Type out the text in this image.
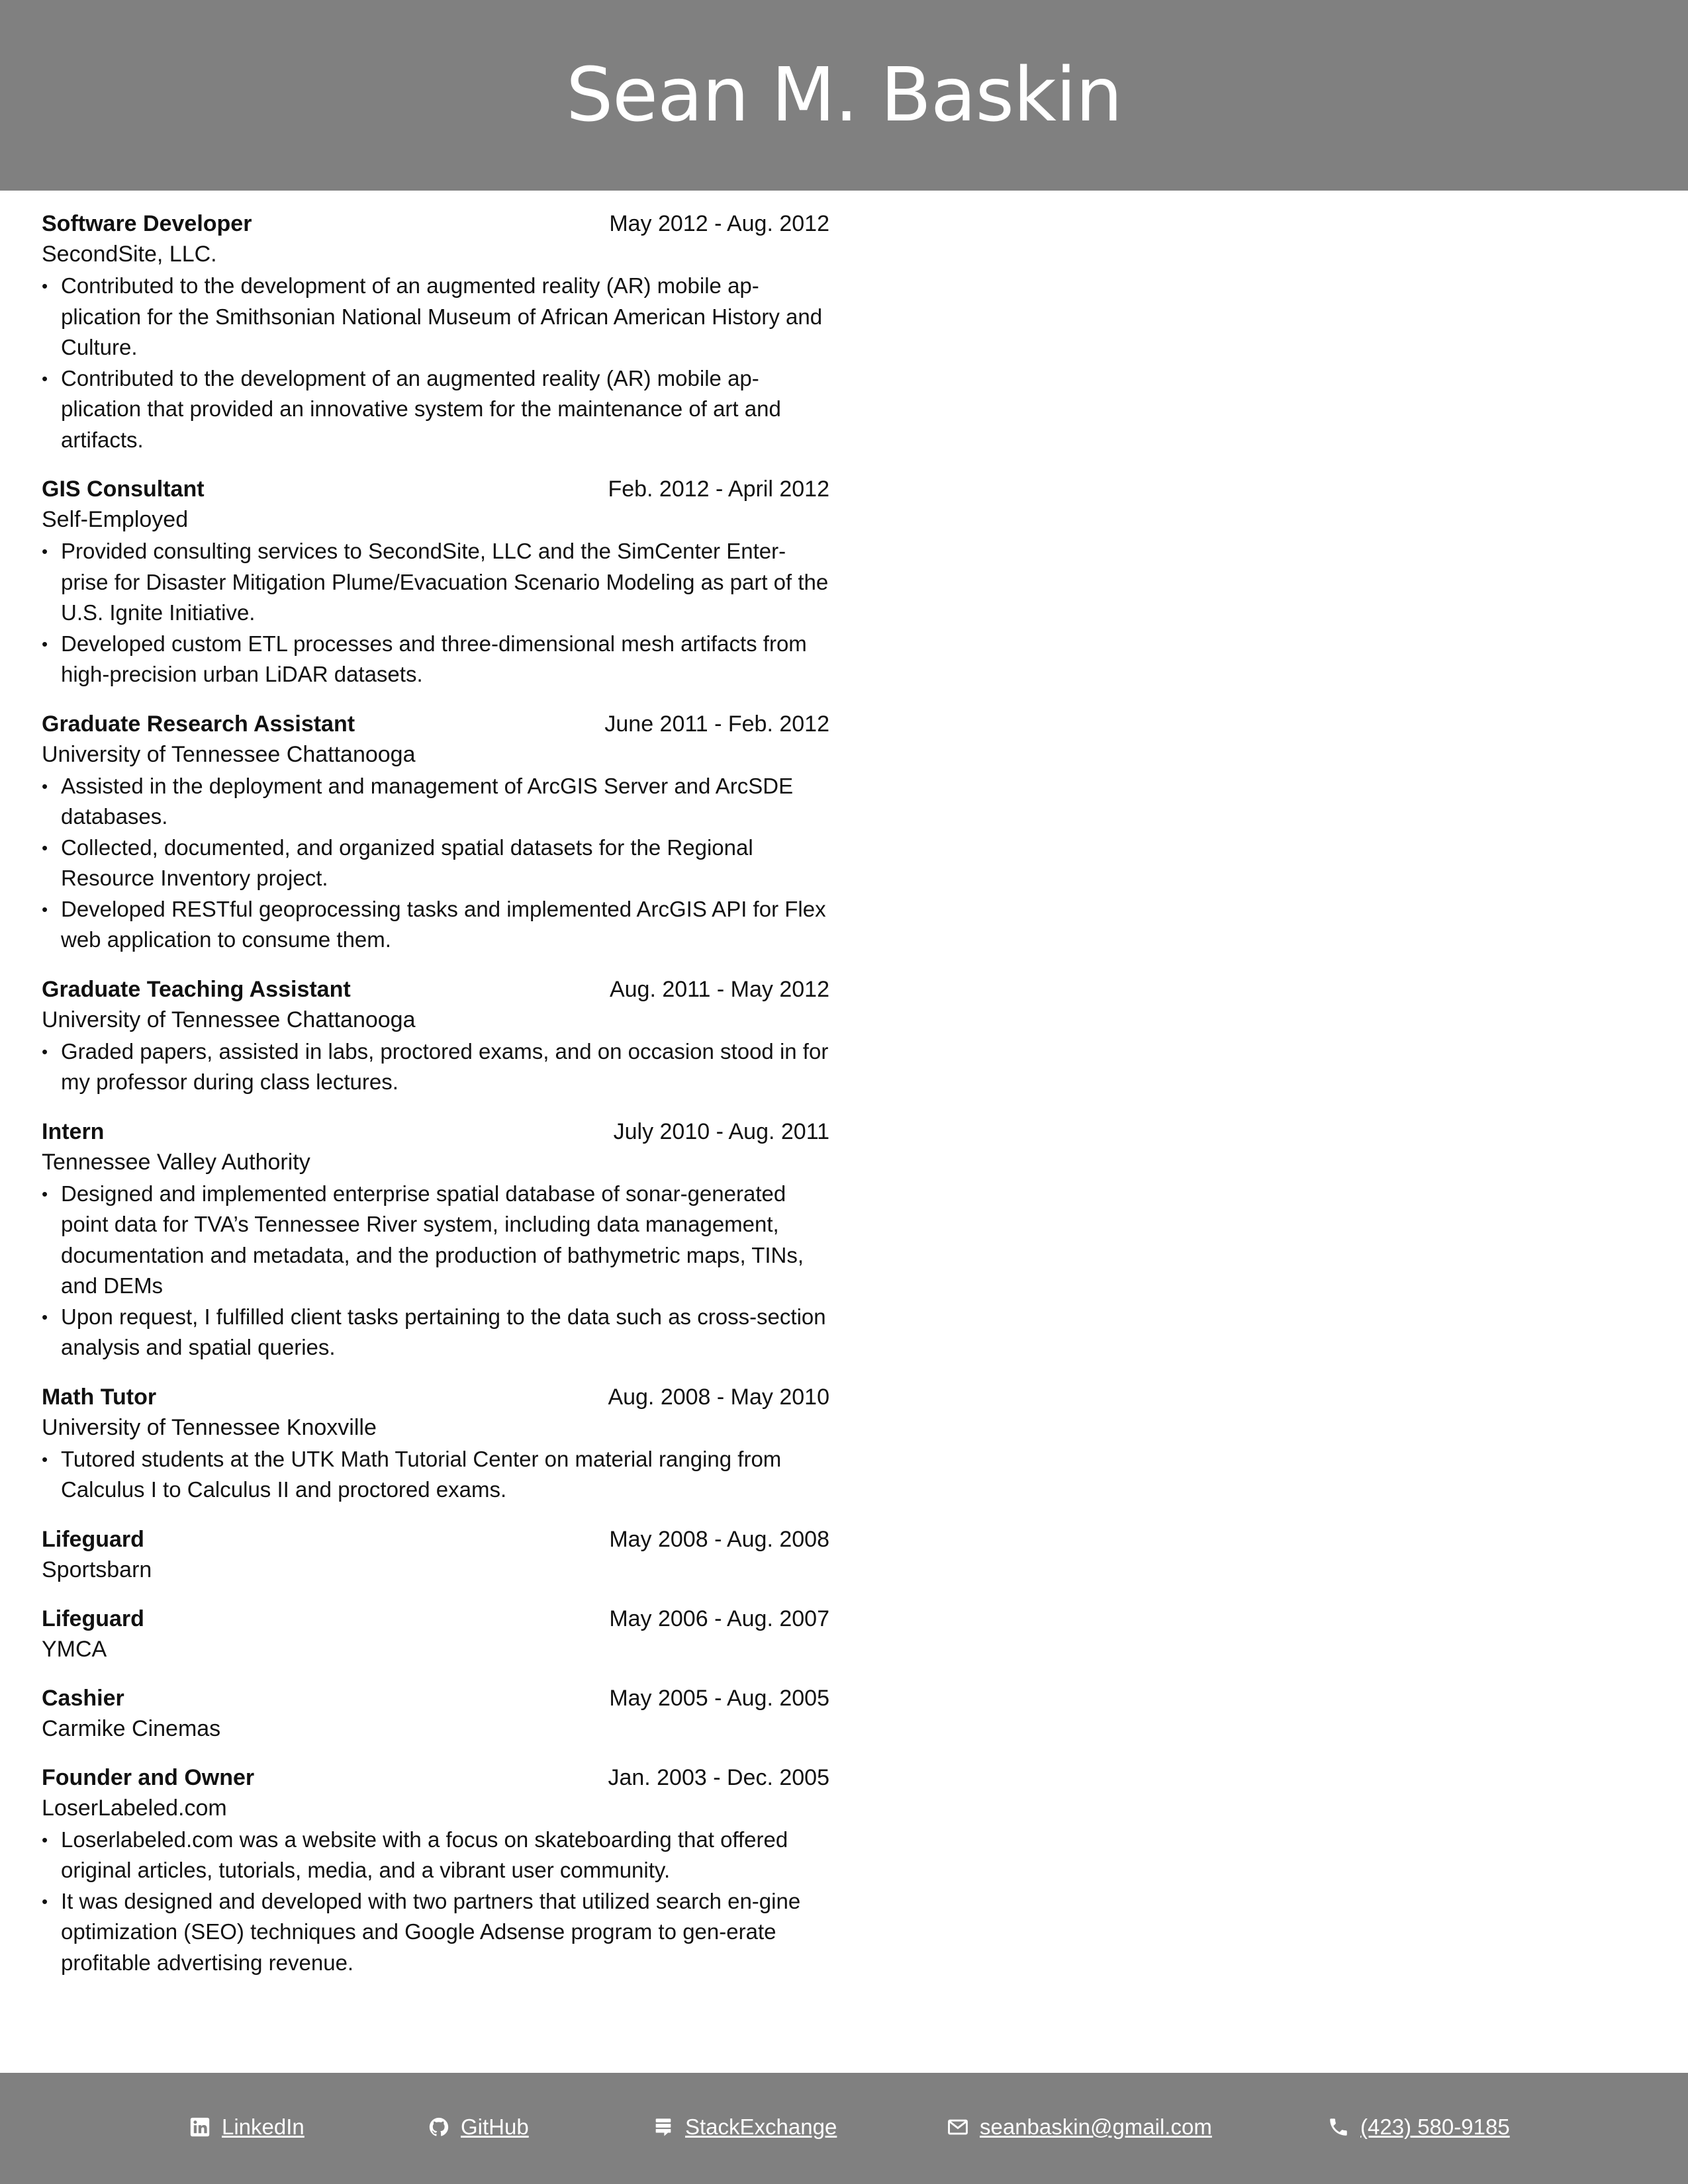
Sean M. Baskin
Software Developer	May 2012 - Aug. 2012
SecondSite, LLC.
• Contributed to the development of an augmented reality (AR) mobile ap-plication for the Smithsonian National Museum of African American History and Culture.
• Contributed to the development of an augmented reality (AR) mobile ap-plication that provided an innovative system for the maintenance of art and artifacts.
GIS Consultant	Feb. 2012 - April 2012
Self-Employed
• Provided consulting services to SecondSite, LLC and the SimCenter Enter-prise for Disaster Mitigation Plume/Evacuation Scenario Modeling as part of the U.S. Ignite Initiative.
• Developed custom ETL processes and three-dimensional mesh artifacts from high-precision urban LiDAR datasets.
Graduate Research Assistant	June 2011 - Feb. 2012
University of Tennessee Chattanooga
• Assisted in the deployment and management of ArcGIS Server and ArcSDE databases.
• Collected, documented, and organized spatial datasets for the Regional Resource Inventory project.
• Developed RESTful geoprocessing tasks and implemented ArcGIS API for Flex web application to consume them.
Graduate Teaching Assistant	Aug. 2011 - May 2012
University of Tennessee Chattanooga
• Graded papers, assisted in labs, proctored exams, and on occasion stood in for my professor during class lectures.
Intern	July 2010 - Aug. 2011
Tennessee Valley Authority
• Designed and implemented enterprise spatial database of sonar-generated point data for TVA’s Tennessee River system, including data management, documentation and metadata, and the production of bathymetric maps, TINs, and DEMs
• Upon request, I fulfilled client tasks pertaining to the data such as cross-section analysis and spatial queries.
Math Tutor	Aug. 2008 - May 2010
University of Tennessee Knoxville
• Tutored students at the UTK Math Tutorial Center on material ranging from Calculus I to Calculus II and proctored exams.
Lifeguard	May 2008 - Aug. 2008
Sportsbarn
Lifeguard	May 2006 - Aug. 2007
YMCA
Cashier	May 2005 - Aug. 2005
Carmike Cinemas
Founder and Owner	Jan. 2003 - Dec. 2005
LoserLabeled.com
• Loserlabeled.com was a website with a focus on skateboarding that offered original articles, tutorials, media, and a vibrant user community.
• It was designed and developed with two partners that utilized search en-gine optimization (SEO) techniques and Google Adsense program to gen-erate profitable advertising revenue.
LinkedIn	GitHub	StackExchange	seanbaskin@gmail.com	(423) 580-9185
